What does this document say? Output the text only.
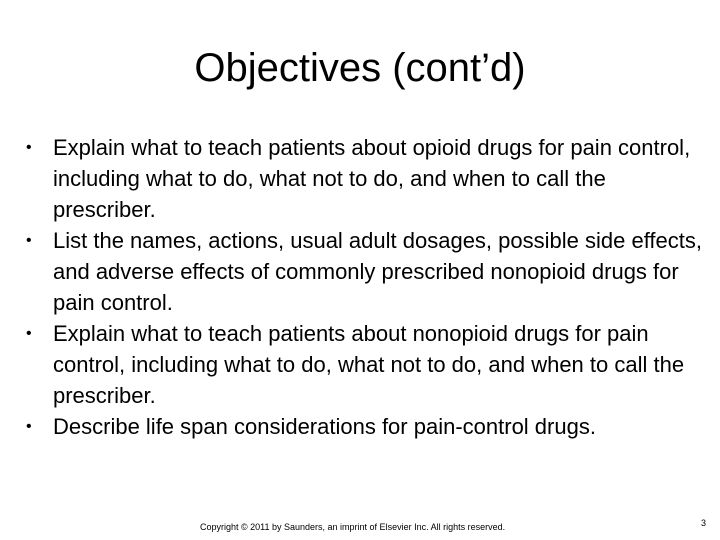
Objectives (cont’d)
• Explain what to teach patients about opioid drugs for pain control, including what to do, what not to do, and when to call the prescriber.
• List the names, actions, usual adult dosages, possible side effects, and adverse effects of commonly prescribed nonopioid drugs for pain control.
• Explain what to teach patients about nonopioid drugs for pain control, including what to do, what not to do, and when to call the prescriber.
• Describe life span considerations for pain-control drugs.
Copyright © 2011 by Saunders, an imprint of Elsevier Inc. All rights reserved.	3
